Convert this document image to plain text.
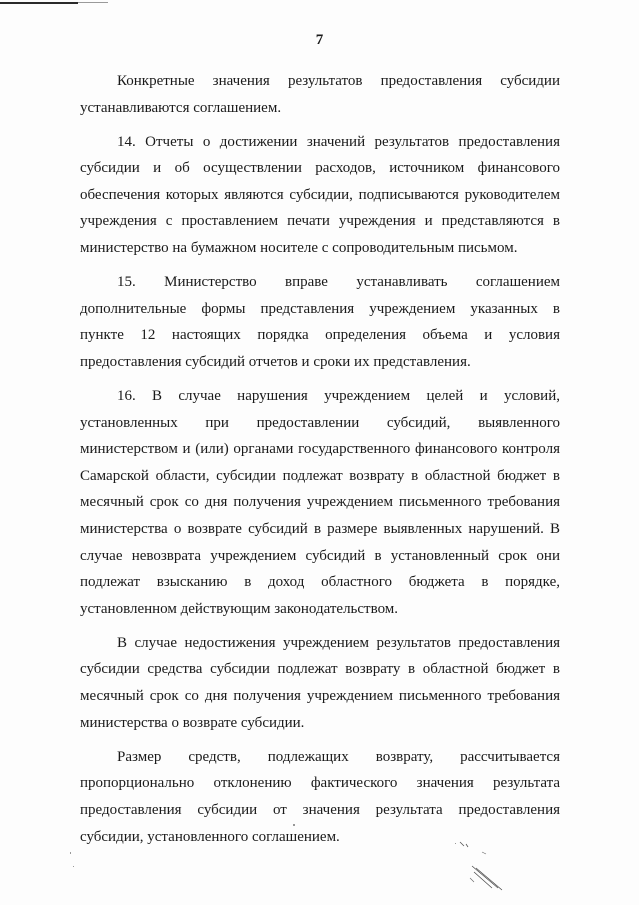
7
Конкретные значения результатов предоставления субсидии
устанавливаются соглашением.
14. Отчеты о достижении значений результатов предоставления
субсидии и об осуществлении расходов, источником финансового
обеспечения которых являются субсидии, подписываются руководителем
учреждения с проставлением печати учреждения и представляются в
министерство на бумажном носителе с сопроводительным письмом.
15. Министерство вправе устанавливать соглашением
дополнительные формы представления учреждением указанных в
пункте 12 настоящих порядка определения объема и условия
предоставления субсидий отчетов и сроки их представления.
16. В случае нарушения учреждением целей и условий,
установленных при предоставлении субсидий, выявленного
министерством и (или) органами государственного финансового контроля
Самарской области, субсидии подлежат возврату в областной бюджет в
месячный срок со дня получения учреждением письменного требования
министерства о возврате субсидий в размере выявленных нарушений. В
случае невозврата учреждением субсидий в установленный срок они
подлежат взысканию в доход областного бюджета в порядке,
установленном действующим законодательством.
В случае недостижения учреждением результатов предоставления
субсидии средства субсидии подлежат возврату в областной бюджет в
месячный срок со дня получения учреждением письменного требования
министерства о возврате субсидии.
Размер средств, подлежащих возврату, рассчитывается
пропорционально отклонению фактического значения результата
предоставления субсидии от значения результата предоставления
субсидии, установленного соглашением.
